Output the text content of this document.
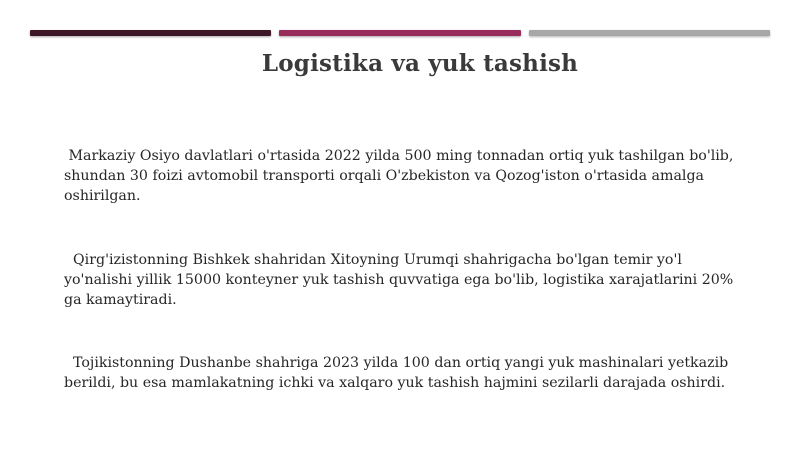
Logistika va yuk tashish

Markaziy Osiyo davlatlari o'rtasida 2022 yilda 500 ming tonnadan ortiq yuk tashilgan bo'lib, shundan 30 foizi avtomobil transporti orqali O'zbekiston va Qozog'iston o'rtasida amalga oshirilgan.

Qirg'izistonning Bishkek shahridan Xitoyning Urumqi shahrigacha bo'lgan temir yo'l yo'nalishi yillik 15000 konteyner yuk tashish quvvatiga ega bo'lib, logistika xarajatlarini 20% ga kamaytiradi.

Tojikistonning Dushanbe shahriga 2023 yilda 100 dan ortiq yangi yuk mashinalari yetkazib berildi, bu esa mamlakatning ichki va xalqaro yuk tashish hajmini sezilarli darajada oshirdi.
